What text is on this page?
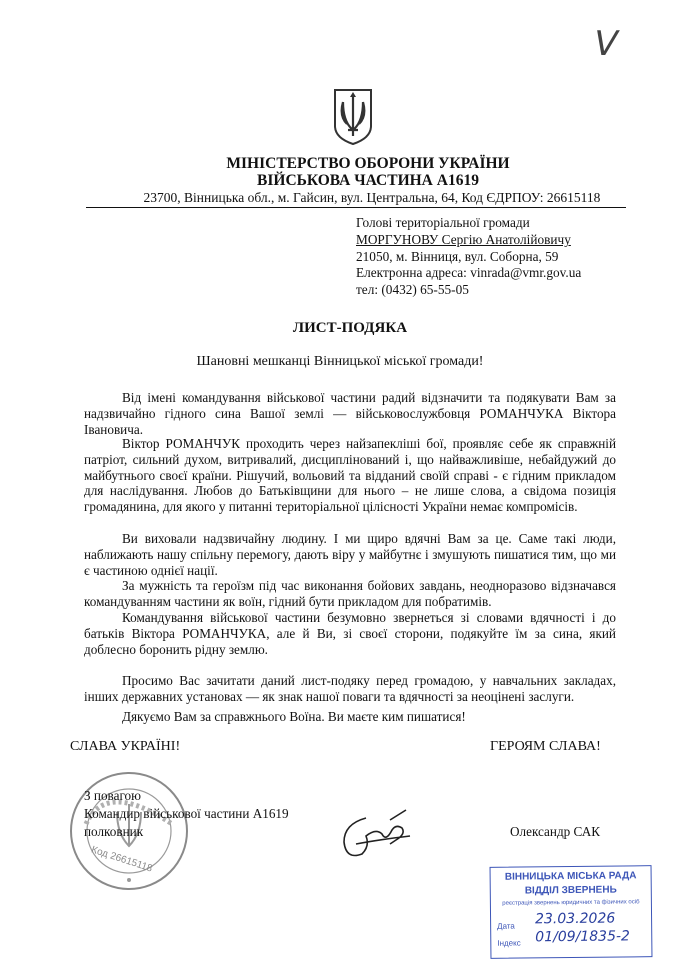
V
МІНІСТЕРСТВО ОБОРОНИ УКРАЇНИ
ВІЙСЬКОВА ЧАСТИНА А1619
23700, Вінницька обл., м. Гайсин, вул. Центральна, 64, Код ЄДРПОУ: 26615118
Голові територіальної громади
МОРГУНОВУ Сергію Анатолійовичу
21050, м. Вінниця, вул. Соборна, 59
Електронна адреса: vinrada@vmr.gov.ua
тел: (0432) 65-55-05
ЛИСТ-ПОДЯКА
Шановні мешканці Вінницької міської громади!
Від імені командування військової частини радий відзначити та подякувати Вам за надзвичайно гідного сина Вашої землі — військовослужбовця РОМАНЧУКА Віктора Івановича.
Віктор РОМАНЧУК проходить через найзапекліші бої, проявляє себе як справжній патріот, сильний духом, витривалий, дисциплінований і, що найважливіше, небайдужий до майбутнього своєї країни. Рішучий, вольовий та відданий своїй справі - є гідним прикладом для наслідування. Любов до Батьківщини для нього – не лише слова, а свідома позиція громадянина, для якого у питанні територіальної цілісності України немає компромісів.
Ви виховали надзвичайну людину. І ми щиро вдячні Вам за це. Саме такі люди, наближають нашу спільну перемогу, дають віру у майбутнє і змушують пишатися тим, що ми є частиною однієї нації.
За мужність та героїзм під час виконання бойових завдань, неодноразово відзначався командуванням частини як воїн, гідний бути прикладом для побратимів.
Командування військової частини безумовно звернеться зі словами вдячності і до батьків Віктора РОМАНЧУКА, але й Ви, зі своєї сторони, подякуйте їм за сина, який доблесно боронить рідну землю.
Просимо Вас зачитати даний лист-подяку перед громадою, у навчальних закладах, інших державних установах — як знак нашої поваги та вдячності за неоцінені заслуги.
Дякуємо Вам за справжнього Воїна. Ви маєте ким пишатися!
СЛАВА УКРАЇНІ!	ГЕРОЯМ СЛАВА!
Код 26615118
З повагою
Командир військової частини А1619
полковник	Олександр САК
ВІННИЦЬКА МІСЬКА РАДА
ВІДДІЛ ЗВЕРНЕНЬ
реєстрація звернень юридичних та фізичних осіб
Дата 23.03.2026
Індекс 01/09/1835-2
